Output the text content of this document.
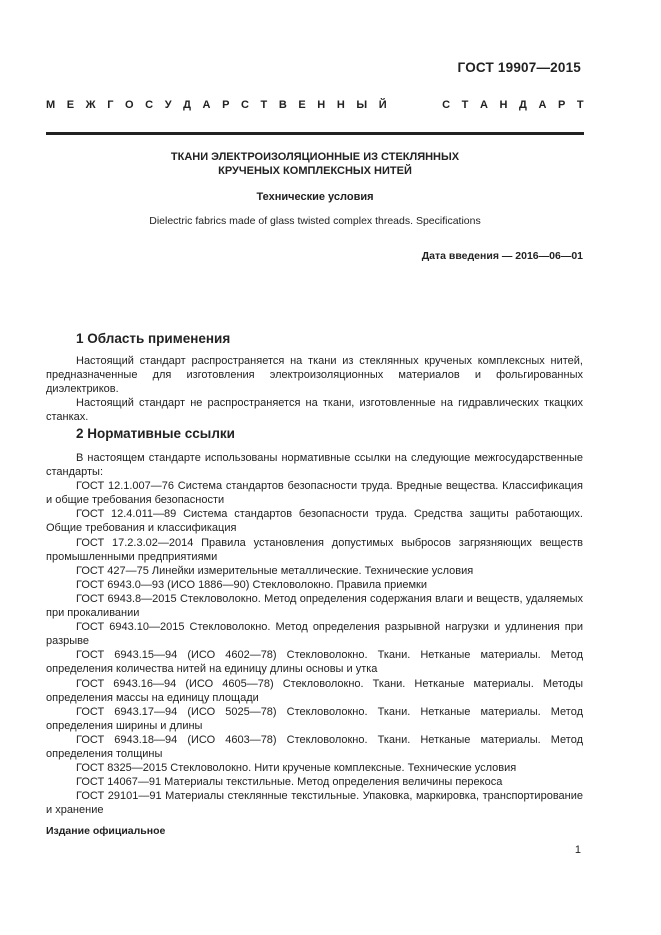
ГОСТ 19907—2015
М Е Ж Г О С У Д А Р С Т В Е Н Н Ы Й

	С Т А Н Д А Р Т
ТКАНИ ЭЛЕКТРОИЗОЛЯЦИОННЫЕ ИЗ СТЕКЛЯННЫХ
КРУЧЕНЫХ КОМПЛЕКСНЫХ НИТЕЙ
Технические условия
Dielectric fabrics made of glass twisted complex threads. Specifications
Дата введения — 2016—06—01
1 Область применения

Настоящий стандарт распространяется на ткани из стеклянных крученых комплексных нитей, предназначенные для изготовления электроизоляционных материалов и фольгированных диэлектриков.

Настоящий стандарт не распространяется на ткани, изготовленные на гидравлических ткацких станках.

2 Нормативные ссылки

В настоящем стандарте использованы нормативные ссылки на следующие межгосударственные стандарты:

ГОСТ 12.1.007—76 Система стандартов безопасности труда. Вредные вещества. Классификация и общие требования безопасности

ГОСТ 12.4.011—89 Система стандартов безопасности труда. Средства защиты работающих. Общие требования и классификация

ГОСТ 17.2.3.02—2014 Правила установления допустимых выбросов загрязняющих веществ промышленными предприятиями

ГОСТ 427—75 Линейки измерительные металлические. Технические условия

ГОСТ 6943.0—93 (ИСО 1886—90) Стекловолокно. Правила приемки

ГОСТ 6943.8—2015 Стекловолокно. Метод определения содержания влаги и веществ, удаляемых при прокаливании

ГОСТ 6943.10—2015 Стекловолокно. Метод определения разрывной нагрузки и удлинения при разрыве

ГОСТ 6943.15—94 (ИСО 4602—78) Стекловолокно. Ткани. Нетканые материалы. Метод определения количества нитей на единицу длины основы и утка

ГОСТ 6943.16—94 (ИСО 4605—78) Стекловолокно. Ткани. Нетканые материалы. Методы определения массы на единицу площади

ГОСТ 6943.17—94 (ИСО 5025—78) Стекловолокно. Ткани. Нетканые материалы. Метод определения ширины и длины

ГОСТ 6943.18—94 (ИСО 4603—78) Стекловолокно. Ткани. Нетканые материалы. Метод определения толщины

ГОСТ 8325—2015 Стекловолокно. Нити крученые комплексные. Технические условия

ГОСТ 14067—91 Материалы текстильные. Метод определения величины перекоса

ГОСТ 29101—91 Материалы стеклянные текстильные. Упаковка, маркировка, транспортирование и хранение

Издание официальное
1
